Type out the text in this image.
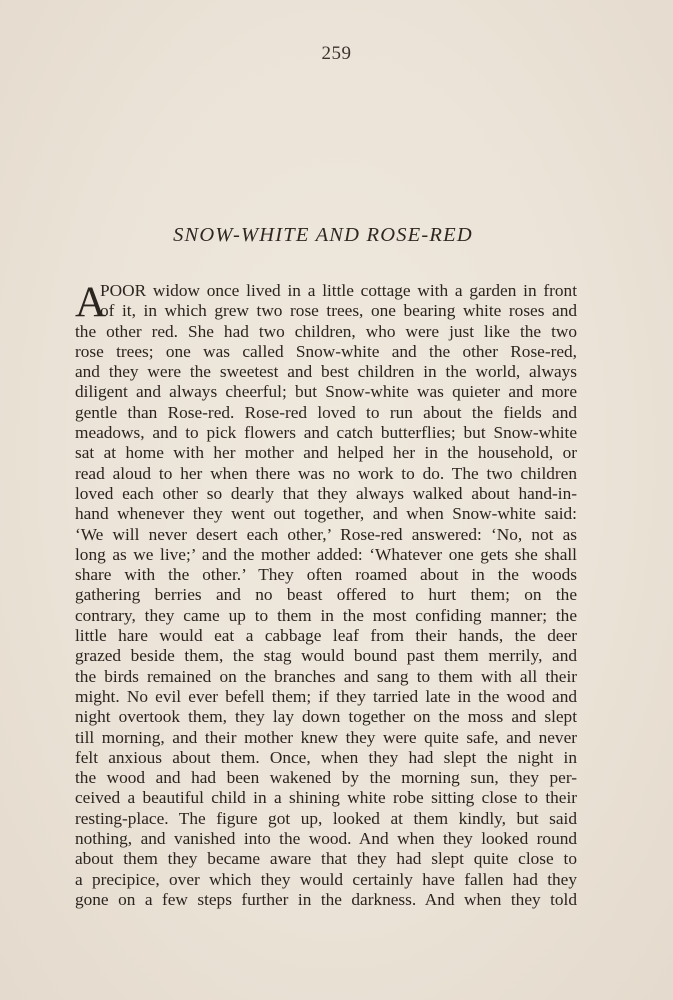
259
SNOW-WHITE AND ROSE-RED
A
POOR widow once lived in a little cottage with a garden in front
of it, in which grew two rose trees, one bearing white roses and
the other red. She had two children, who were just like the two
rose trees; one was called Snow-white and the other Rose-red,
and they were the sweetest and best children in the world, always
diligent and always cheerful; but Snow-white was quieter and more
gentle than Rose-red. Rose-red loved to run about the fields and
meadows, and to pick flowers and catch butterflies; but Snow-white
sat at home with her mother and helped her in the household, or
read aloud to her when there was no work to do. The two children
loved each other so dearly that they always walked about hand-in-
hand whenever they went out together, and when Snow-white said:
‘We will never desert each other,’ Rose-red answered: ‘No, not as
long as we live;’ and the mother added: ‘Whatever one gets she shall
share with the other.’ They often roamed about in the woods
gathering berries and no beast offered to hurt them; on the
contrary, they came up to them in the most confiding manner; the
little hare would eat a cabbage leaf from their hands, the deer
grazed beside them, the stag would bound past them merrily, and
the birds remained on the branches and sang to them with all their
might. No evil ever befell them; if they tarried late in the wood and
night overtook them, they lay down together on the moss and slept
till morning, and their mother knew they were quite safe, and never
felt anxious about them. Once, when they had slept the night in
the wood and had been wakened by the morning sun, they per-
ceived a beautiful child in a shining white robe sitting close to their
resting-place. The figure got up, looked at them kindly, but said
nothing, and vanished into the wood. And when they looked round
about them they became aware that they had slept quite close to
a precipice, over which they would certainly have fallen had they
gone on a few steps further in the darkness. And when they told
